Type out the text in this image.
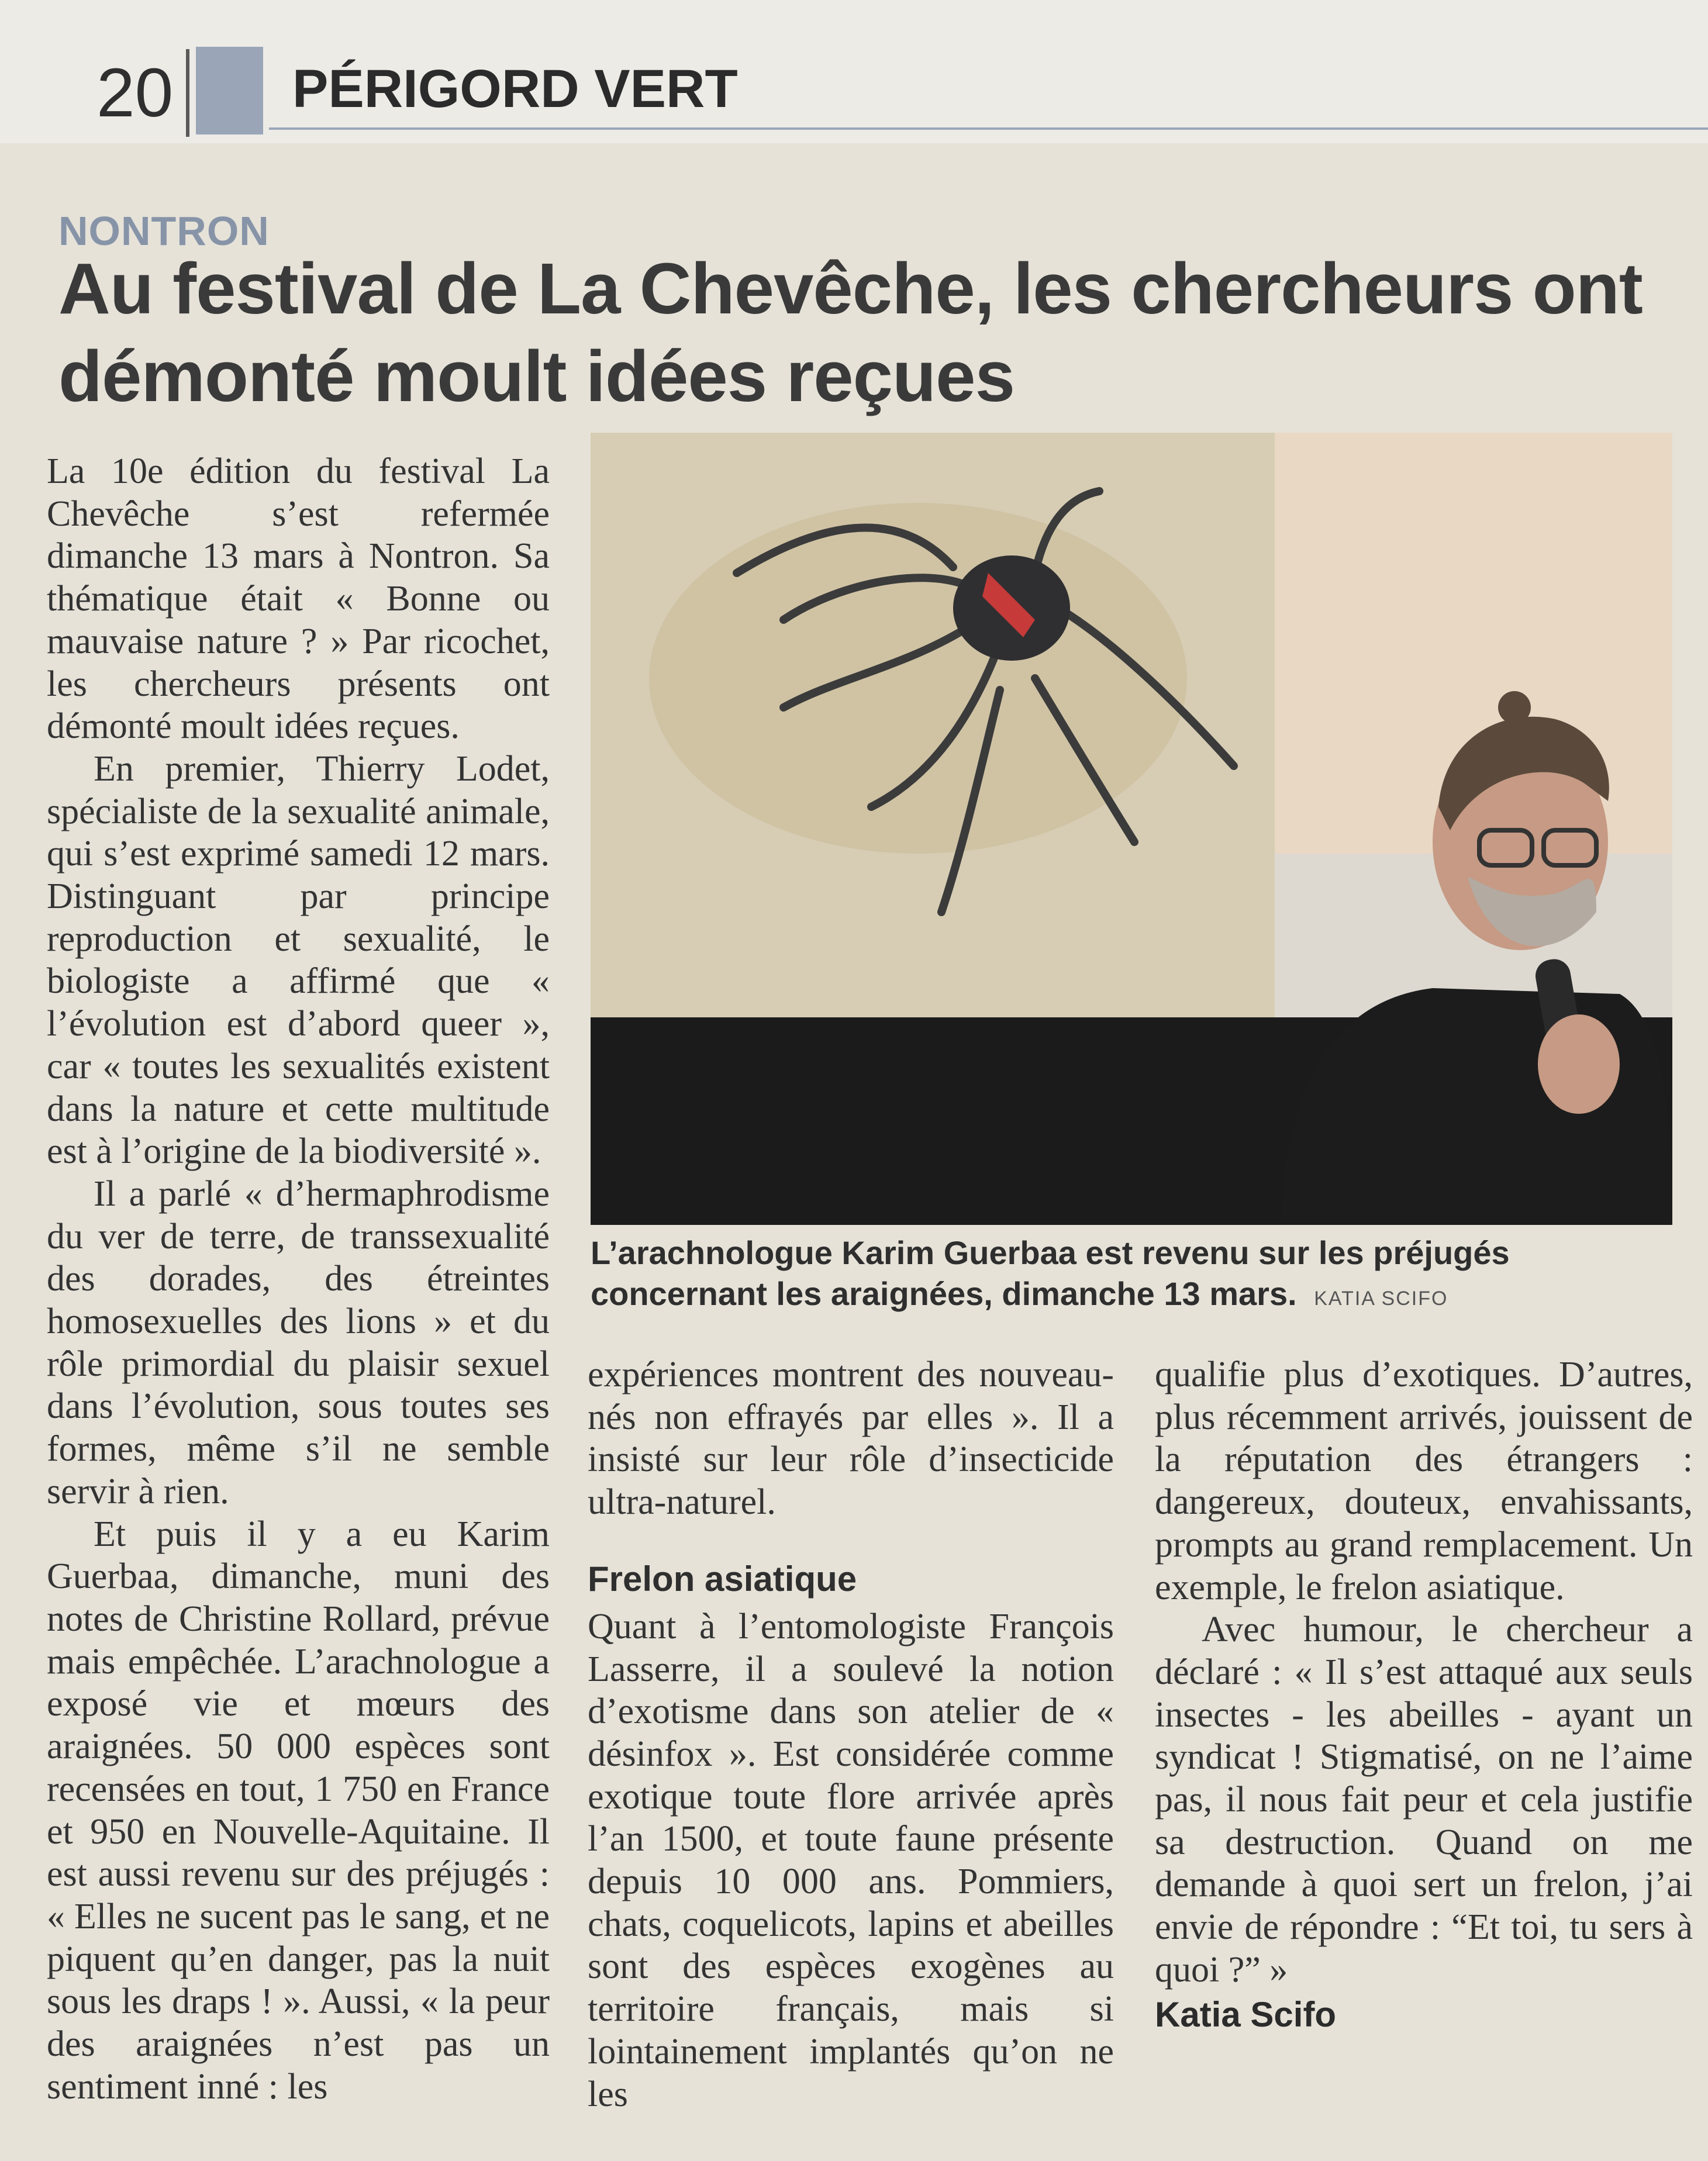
20	PÉRIGORD VERT
NONTRON
Au festival de La Chevêche, les chercheurs ont démonté moult idées reçues

La 10e édition du festival La Chevêche s’est refermée dimanche 13 mars à Nontron. Sa thématique était « Bonne ou mauvaise nature ? » Par ricochet, les chercheurs présents ont démonté moult idées reçues.

En premier, Thierry Lodet, spécialiste de la sexualité animale, qui s’est exprimé samedi 12 mars. Distinguant par principe reproduction et sexualité, le biologiste a affirmé que « l’évolution est d’abord queer », car « toutes les sexualités existent dans la nature et cette multitude est à l’origine de la biodiversité ».

Il a parlé « d’hermaphrodisme du ver de terre, de transsexualité des dorades, des étreintes homosexuelles des lions » et du rôle primordial du plaisir sexuel dans l’évolution, sous toutes ses formes, même s’il ne semble servir à rien.

Et puis il y a eu Karim Guerbaa, dimanche, muni des notes de Christine Rollard, prévue mais empêchée. L’arachnologue a exposé vie et mœurs des araignées. 50 000 espèces sont recensées en tout, 1 750 en France et 950 en Nouvelle-Aquitaine. Il est aussi revenu sur des préjugés : « Elles ne sucent pas le sang, et ne piquent qu’en danger, pas la nuit sous les draps ! ». Aussi, « la peur des araignées n’est pas un sentiment inné : les

L’arachnologue Karim Guerbaa est revenu sur les préjugés concernant les araignées, dimanche 13 mars. KATIA SCIFO

expériences montrent des nouveau-nés non effrayés par elles ». Il a insisté sur leur rôle d’insecticide ultra-naturel.

Frelon asiatique

Quant à l’entomologiste François Lasserre, il a soulevé la notion d’exotisme dans son atelier de « désinfox ». Est considérée comme exotique toute flore arrivée après l’an 1500, et toute faune présente depuis 10 000 ans. Pommiers, chats, coquelicots, lapins et abeilles sont des espèces exogènes au territoire français, mais si lointainement implantés qu’on ne les

qualifie plus d’exotiques. D’autres, plus récemment arrivés, jouissent de la réputation des étrangers : dangereux, douteux, envahissants, prompts au grand remplacement. Un exemple, le frelon asiatique.

Avec humour, le chercheur a déclaré : « Il s’est attaqué aux seuls insectes - les abeilles - ayant un syndicat ! Stigmatisé, on ne l’aime pas, il nous fait peur et cela justifie sa destruction. Quand on me demande à quoi sert un frelon, j’ai envie de répondre : “Et toi, tu sers à quoi ?” »

Katia Scifo
